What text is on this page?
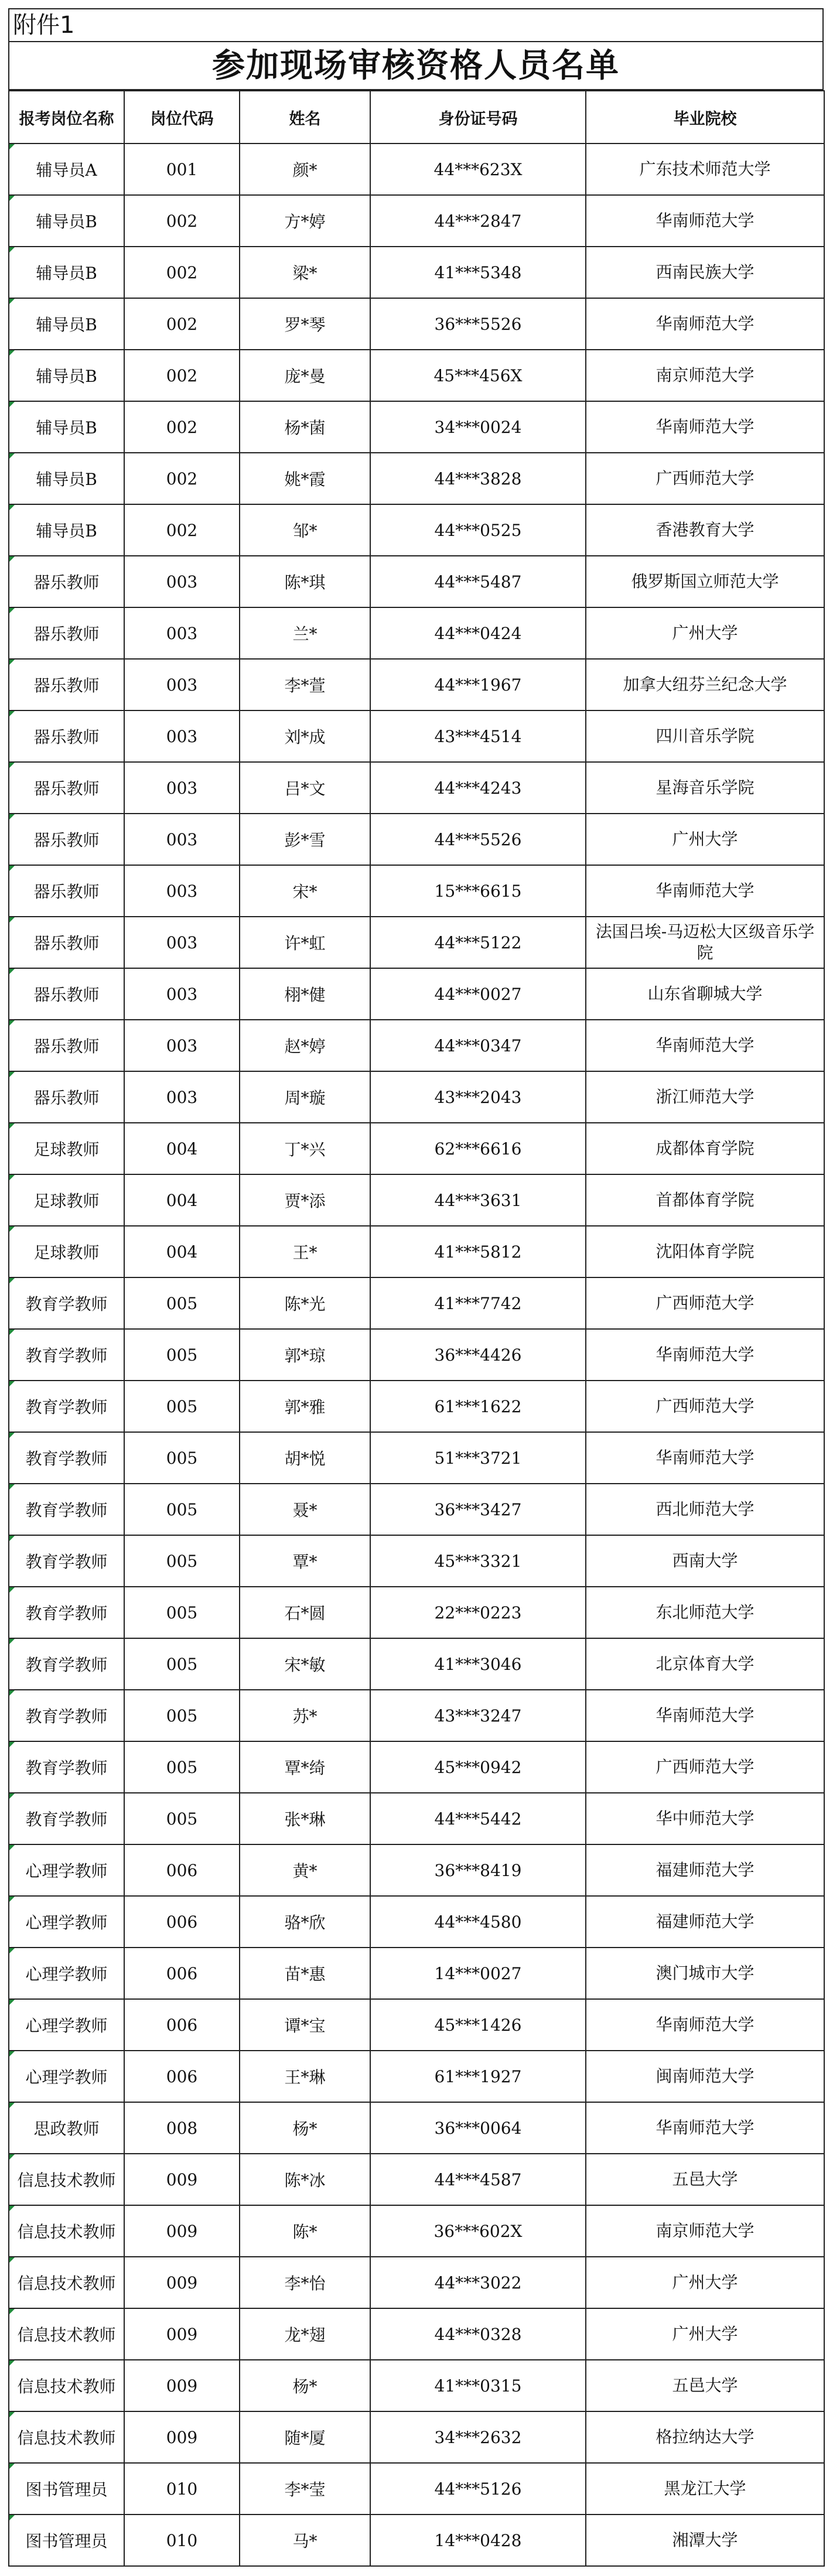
附件1
参加现场审核资格人员名单
报考岗位名称	岗位代码	姓名	身份证号码	毕业院校
辅导员A	001	颜*	44***623X	广东技术师范大学
辅导员B	002	方*婷	44***2847	华南师范大学
辅导员B	002	梁*	41***5348	西南民族大学
辅导员B	002	罗*琴	36***5526	华南师范大学
辅导员B	002	庞*曼	45***456X	南京师范大学
辅导员B	002	杨*菌	34***0024	华南师范大学
辅导员B	002	姚*霞	44***3828	广西师范大学
辅导员B	002	邹*	44***0525	香港教育大学
器乐教师	003	陈*琪	44***5487	俄罗斯国立师范大学
器乐教师	003	兰*	44***0424	广州大学
器乐教师	003	李*萱	44***1967	加拿大纽芬兰纪念大学
器乐教师	003	刘*成	43***4514	四川音乐学院
器乐教师	003	吕*文	44***4243	星海音乐学院
器乐教师	003	彭*雪	44***5526	广州大学
器乐教师	003	宋*	15***6615	华南师范大学
器乐教师	003	许*虹	44***5122	法国吕埃-马迈松大区级音乐学院
器乐教师	003	栩*健	44***0027	山东省聊城大学
器乐教师	003	赵*婷	44***0347	华南师范大学
器乐教师	003	周*璇	43***2043	浙江师范大学
足球教师	004	丁*兴	62***6616	成都体育学院
足球教师	004	贾*添	44***3631	首都体育学院
足球教师	004	王*	41***5812	沈阳体育学院
教育学教师	005	陈*光	41***7742	广西师范大学
教育学教师	005	郭*琼	36***4426	华南师范大学
教育学教师	005	郭*雅	61***1622	广西师范大学
教育学教师	005	胡*悦	51***3721	华南师范大学
教育学教师	005	聂*	36***3427	西北师范大学
教育学教师	005	覃*	45***3321	西南大学
教育学教师	005	石*圆	22***0223	东北师范大学
教育学教师	005	宋*敏	41***3046	北京体育大学
教育学教师	005	苏*	43***3247	华南师范大学
教育学教师	005	覃*绮	45***0942	广西师范大学
教育学教师	005	张*琳	44***5442	华中师范大学
心理学教师	006	黄*	36***8419	福建师范大学
心理学教师	006	骆*欣	44***4580	福建师范大学
心理学教师	006	苗*惠	14***0027	澳门城市大学
心理学教师	006	谭*宝	45***1426	华南师范大学
心理学教师	006	王*琳	61***1927	闽南师范大学
思政教师	008	杨*	36***0064	华南师范大学
信息技术教师	009	陈*冰	44***4587	五邑大学
信息技术教师	009	陈*	36***602X	南京师范大学
信息技术教师	009	李*怡	44***3022	广州大学
信息技术教师	009	龙*翅	44***0328	广州大学
信息技术教师	009	杨*	41***0315	五邑大学
信息技术教师	009	随*厦	34***2632	格拉纳达大学
图书管理员	010	李*莹	44***5126	黑龙江大学
图书管理员	010	马*	14***0428	湘潭大学
